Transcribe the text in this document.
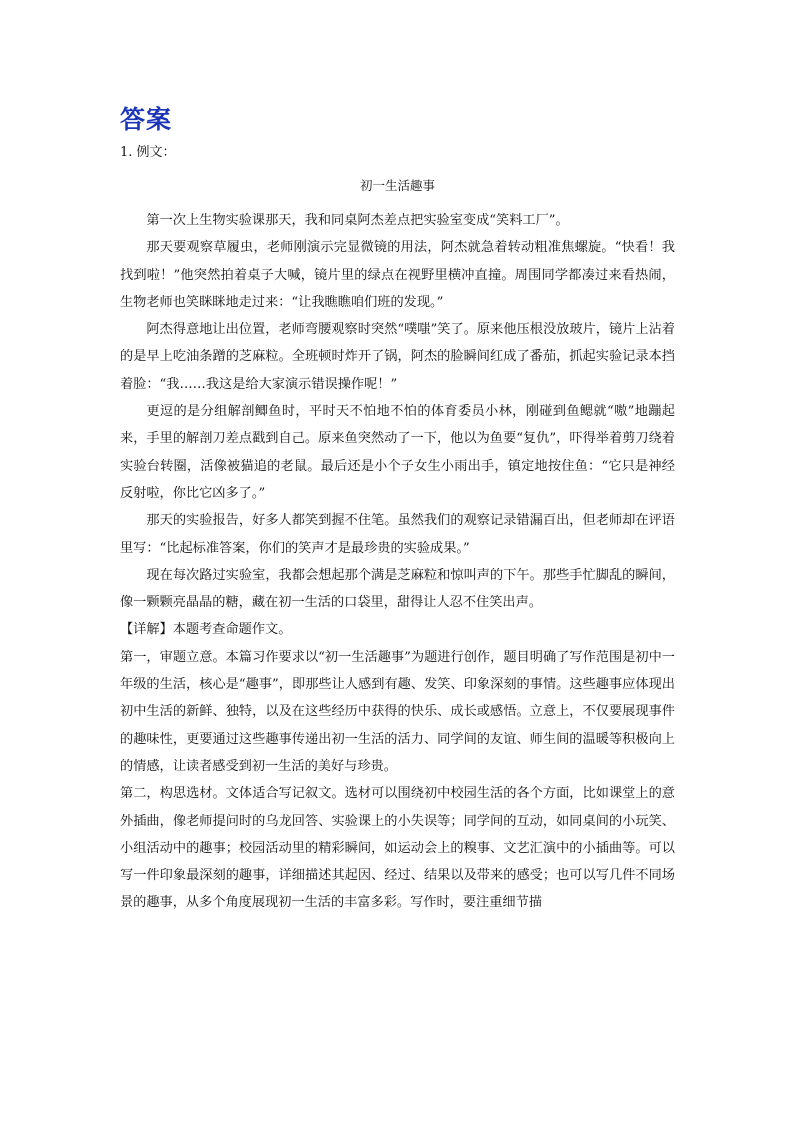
答案
1. 例文：
初一生活趣事

第一次上生物实验课那天，我和同桌阿杰差点把实验室变成“笑料工厂”。

那天要观察草履虫，老师刚演示完显微镜的用法，阿杰就急着转动粗准焦螺旋。“快看！我找到啦！”他突然拍着桌子大喊，镜片里的绿点在视野里横冲直撞。周围同学都凑过来看热闹，生物老师也笑眯眯地走过来：“让我瞧瞧咱们班的发现。”

阿杰得意地让出位置，老师弯腰观察时突然“噗嗤”笑了。原来他压根没放玻片，镜片上沾着的是早上吃油条蹭的芝麻粒。全班顿时炸开了锅，阿杰的脸瞬间红成了番茄，抓起实验记录本挡着脸：“我……我这是给大家演示错误操作呢！”

更逗的是分组解剖鲫鱼时，平时天不怕地不怕的体育委员小林，刚碰到鱼鳃就“嗷”地蹦起来，手里的解剖刀差点戳到自己。原来鱼突然动了一下，他以为鱼要“复仇”，吓得举着剪刀绕着实验台转圈，活像被猫追的老鼠。最后还是小个子女生小雨出手，镇定地按住鱼：“它只是神经反射啦，你比它凶多了。”

那天的实验报告，好多人都笑到握不住笔。虽然我们的观察记录错漏百出，但老师却在评语里写：“比起标准答案，你们的笑声才是最珍贵的实验成果。”

现在每次路过实验室，我都会想起那个满是芝麻粒和惊叫声的下午。那些手忙脚乱的瞬间，像一颗颗亮晶晶的糖，藏在初一生活的口袋里，甜得让人忍不住笑出声。

【详解】本题考查命题作文。

第一，审题立意。本篇习作要求以“初一生活趣事”为题进行创作，题目明确了写作范围是初中一年级的生活，核心是“趣事”，即那些让人感到有趣、发笑、印象深刻的事情。这些趣事应体现出初中生活的新鲜、独特，以及在这些经历中获得的快乐、成长或感悟。立意上，不仅要展现事件的趣味性，更要通过这些趣事传递出初一生活的活力、同学间的友谊、师生间的温暖等积极向上的情感，让读者感受到初一生活的美好与珍贵。

第二，构思选材。文体适合写记叙文。选材可以围绕初中校园生活的各个方面，比如课堂上的意外插曲，像老师提问时的乌龙回答、实验课上的小失误等；同学间的互动，如同桌间的小玩笑、小组活动中的趣事；校园活动里的精彩瞬间，如运动会上的糗事、文艺汇演中的小插曲等。可以写一件印象最深刻的趣事，详细描述其起因、经过、结果以及带来的感受；也可以写几件不同场景的趣事，从多个角度展现初一生活的丰富多彩。写作时，要注重细节描
